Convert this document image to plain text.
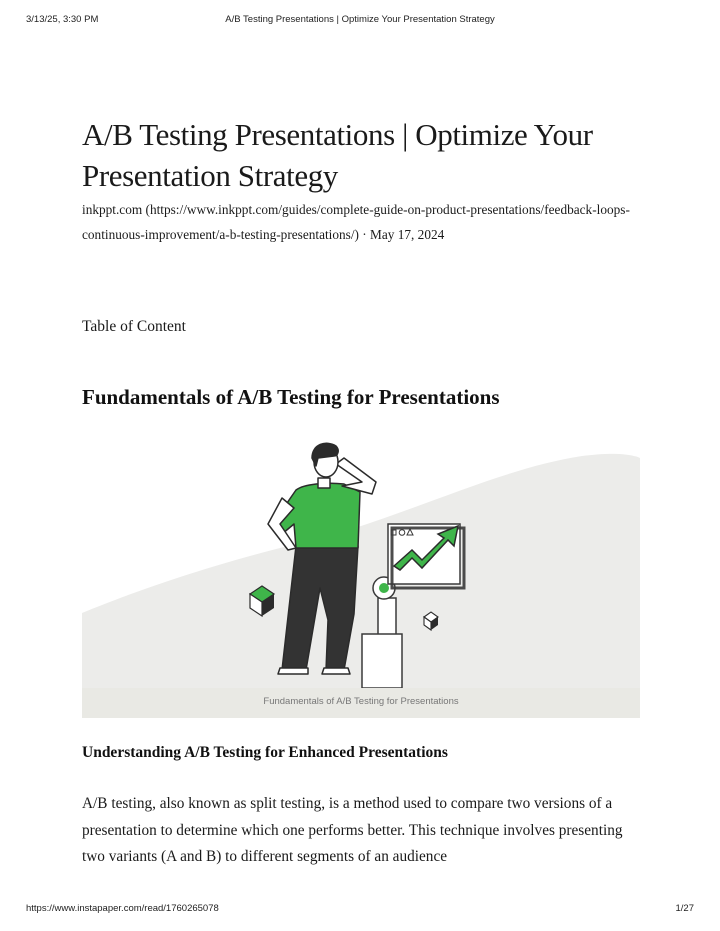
3/13/25, 3:30 PM	A/B Testing Presentations | Optimize Your Presentation Strategy
A/B Testing Presentations | Optimize Your Presentation Strategy

inkppt.com (https://www.inkppt.com/guides/complete-guide-on-product-presentations/feedback-loops-continuous-improvement/a-b-testing-presentations/) · May 17, 2024

Table of Content

Fundamentals of A/B Testing for Presentations
Fundamentals of A/B Testing for Presentations
Understanding A/B Testing for Enhanced Presentations

A/B testing, also known as split testing, is a method used to compare two versions of a presentation to determine which one performs better. This technique involves presenting two variants (A and B) to different segments of an audience

https://www.instapaper.com/read/1760265078	1/27
